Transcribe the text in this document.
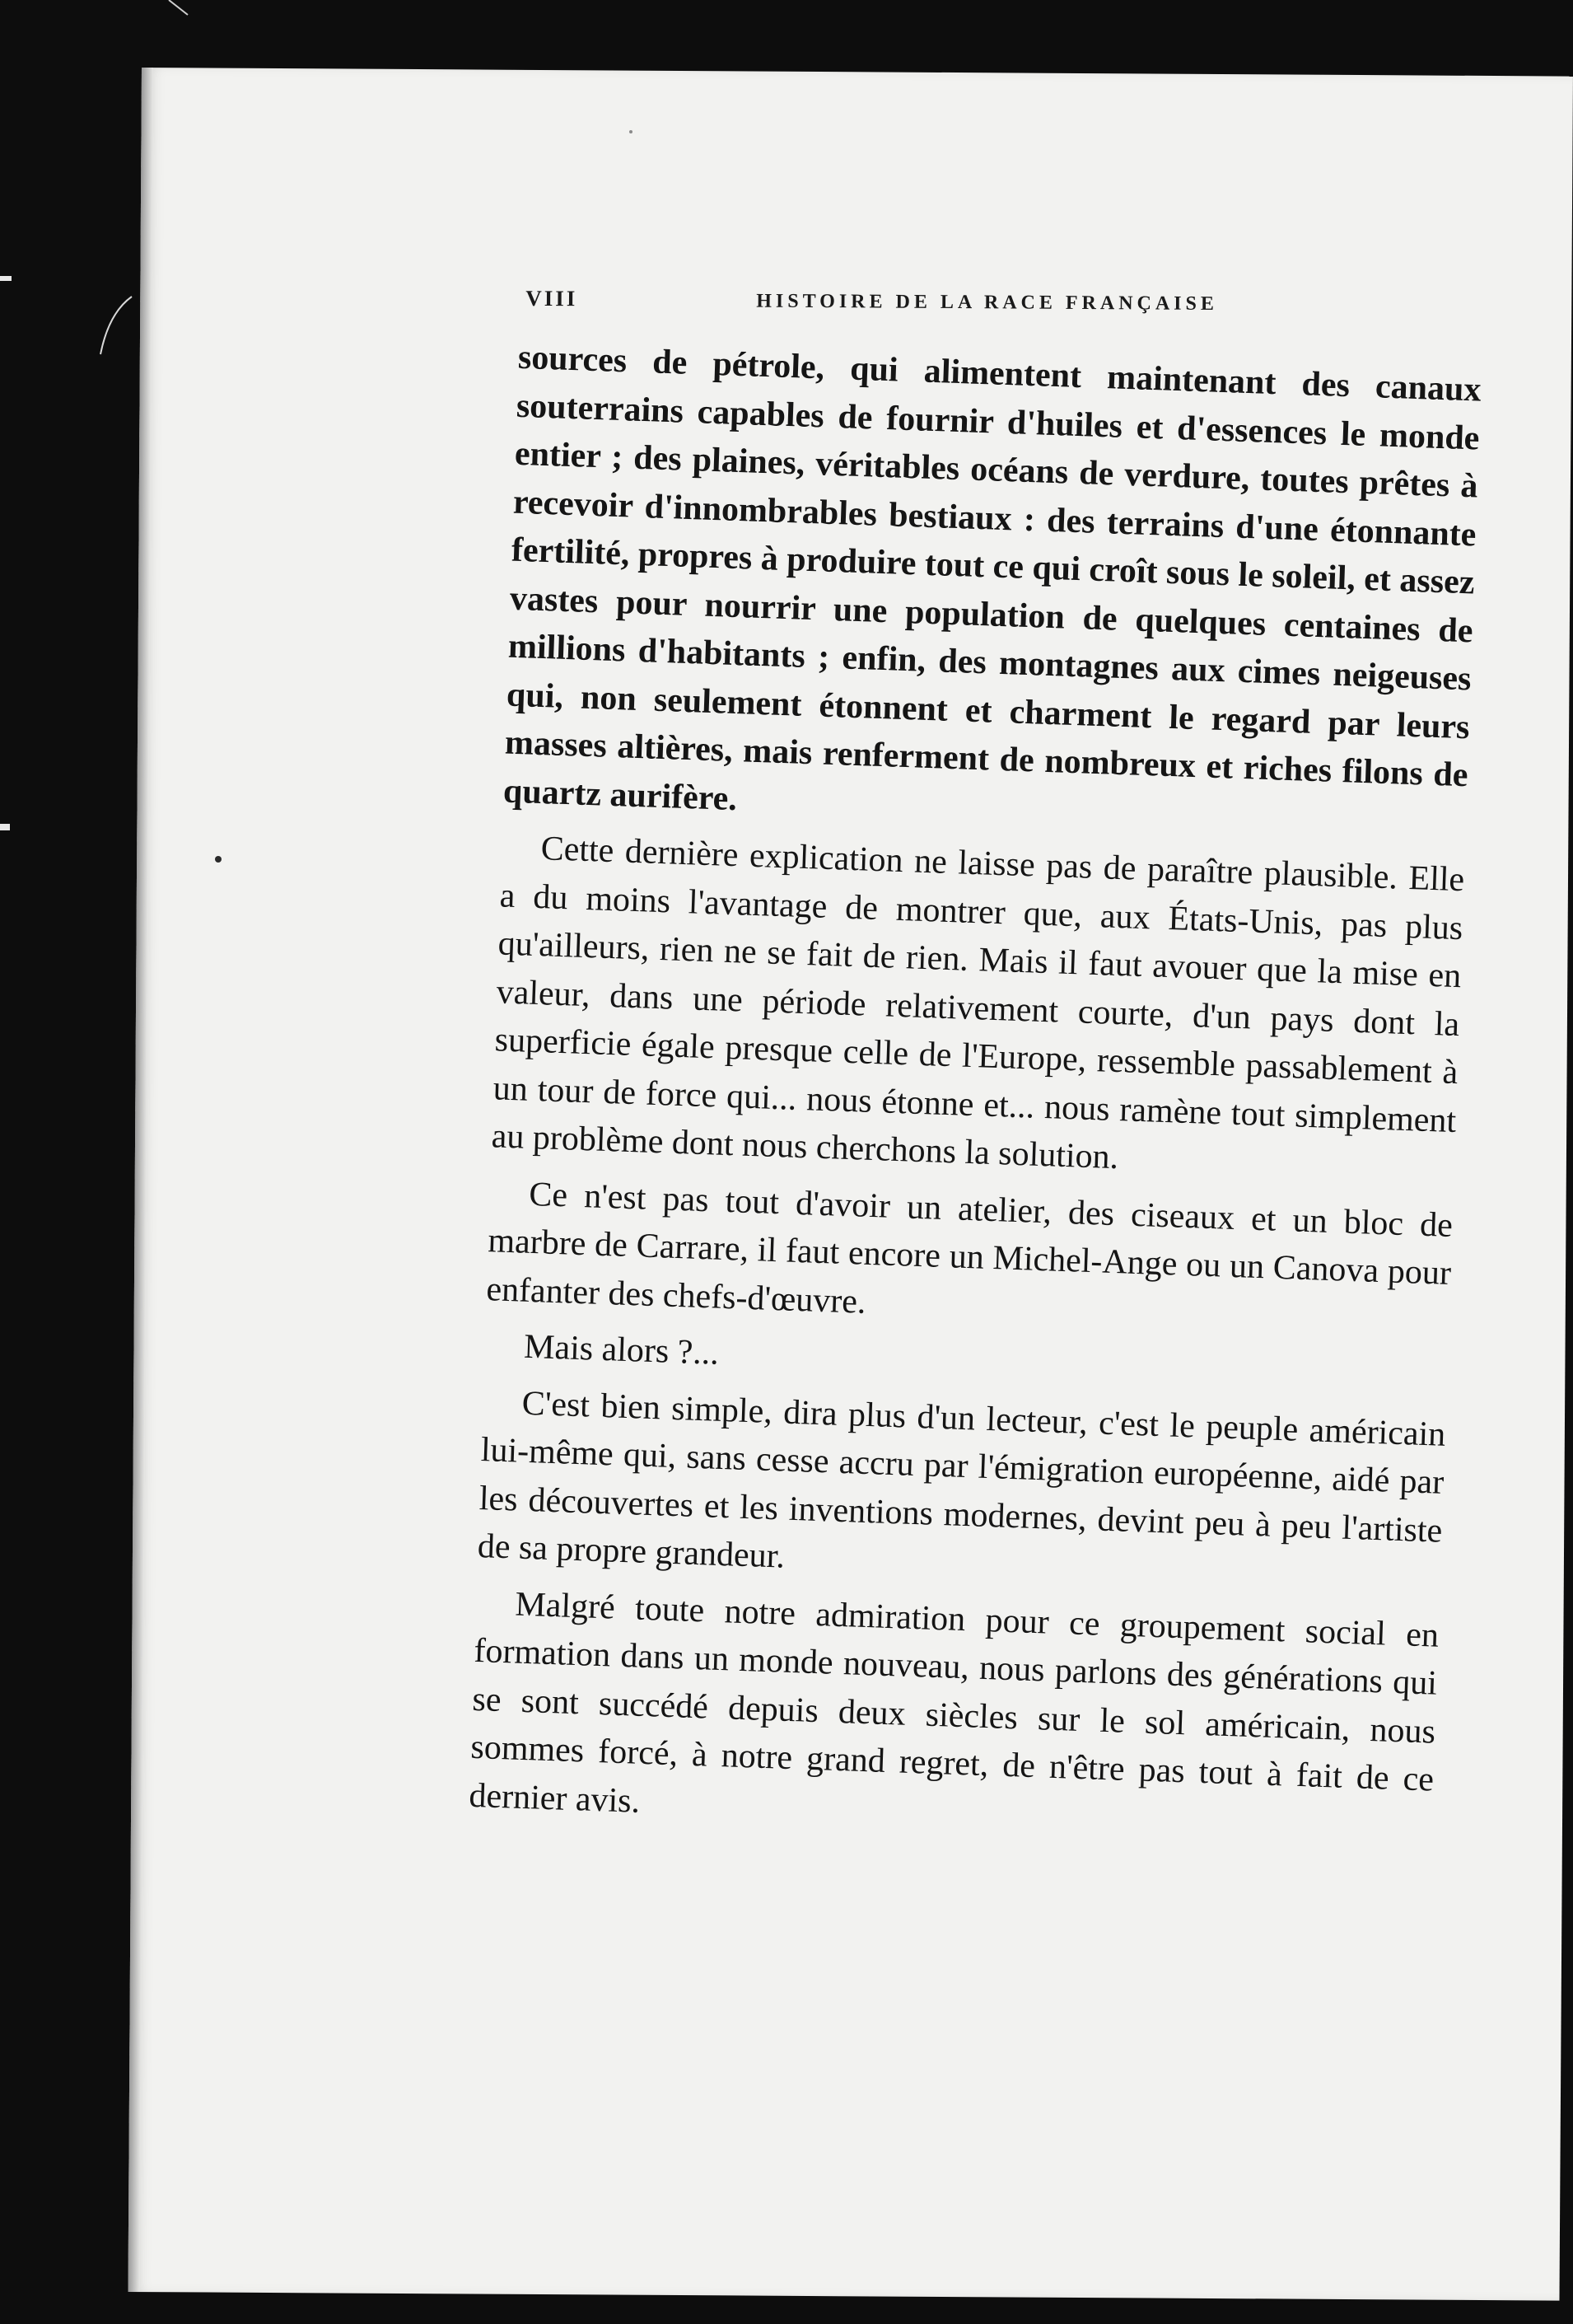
VIII	HISTOIRE DE LA RACE FRANÇAISE

sources de pétrole, qui alimentent maintenant des canaux souterrains capables de fournir d'huiles et d'essences le monde entier ; des plaines, véritables océans de verdure, toutes prêtes à recevoir d'innombrables bestiaux : des terrains d'une étonnante fertilité, propres à produire tout ce qui croît sous le soleil, et assez vastes pour nourrir une population de quelques centaines de millions d'habitants ; enfin, des montagnes aux cimes neigeuses qui, non seulement étonnent et charment le regard par leurs masses altières, mais renferment de nombreux et riches filons de quartz aurifère.

Cette dernière explication ne laisse pas de paraître plausible. Elle a du moins l'avantage de montrer que, aux États-Unis, pas plus qu'ailleurs, rien ne se fait de rien. Mais il faut avouer que la mise en valeur, dans une période relativement courte, d'un pays dont la superficie égale presque celle de l'Europe, ressemble passablement à un tour de force qui... nous étonne et... nous ramène tout simplement au problème dont nous cherchons la solution.

Ce n'est pas tout d'avoir un atelier, des ciseaux et un bloc de marbre de Carrare, il faut encore un Michel-Ange ou un Canova pour enfanter des chefs-d'œuvre.

Mais alors ?...

C'est bien simple, dira plus d'un lecteur, c'est le peuple américain lui-même qui, sans cesse accru par l'émigration européenne, aidé par les découvertes et les inventions modernes, devint peu à peu l'artiste de sa propre grandeur.

Malgré toute notre admiration pour ce groupement social en formation dans un monde nouveau, nous parlons des générations qui se sont succédé depuis deux siècles sur le sol américain, nous sommes forcé, à notre grand regret, de n'être pas tout à fait de ce dernier avis.
